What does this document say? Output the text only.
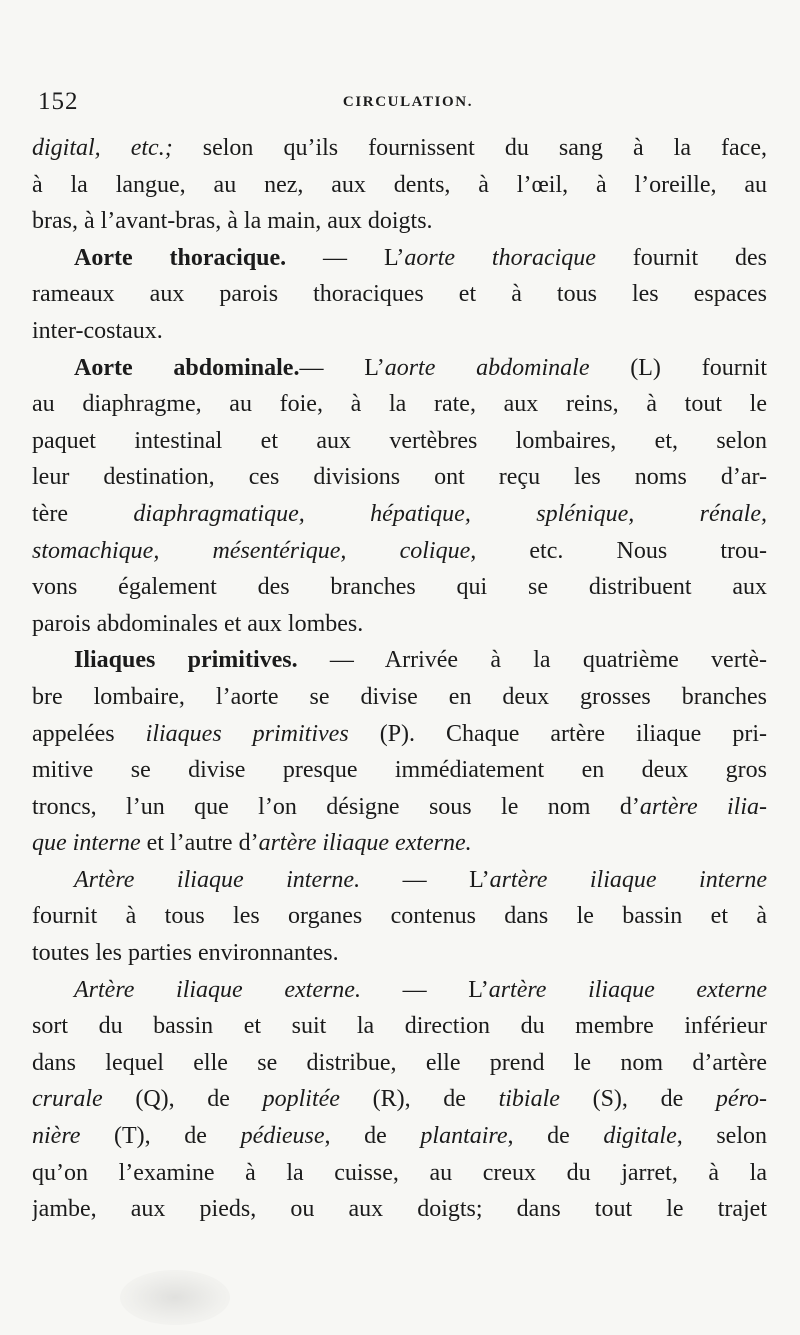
152	CIRCULATION.
digital, etc.; selon qu’ils fournissent du sang à la face,
à la langue, au nez, aux dents, à l’œil, à l’oreille, au
bras, à l’avant-bras, à la main, aux doigts.
Aorte thoracique. — L’aorte thoracique fournit des
rameaux aux parois thoraciques et à tous les espaces
inter-costaux.
Aorte abdominale.— L’aorte abdominale (L) fournit
au diaphragme, au foie, à la rate, aux reins, à tout le
paquet intestinal et aux vertèbres lombaires, et, selon
leur destination, ces divisions ont reçu les noms d’ar-
tère diaphragmatique, hépatique, splénique, rénale,
stomachique, mésentérique, colique, etc. Nous trou-
vons également des branches qui se distribuent aux
parois abdominales et aux lombes.
Iliaques primitives. — Arrivée à la quatrième vertè-
bre lombaire, l’aorte se divise en deux grosses branches
appelées iliaques primitives (P). Chaque artère iliaque pri-
mitive se divise presque immédiatement en deux gros
troncs, l’un que l’on désigne sous le nom d’artère ilia-
que interne et l’autre d’artère iliaque externe.
Artère iliaque interne. — L’artère iliaque interne
fournit à tous les organes contenus dans le bassin et à
toutes les parties environnantes.
Artère iliaque externe. — L’artère iliaque externe
sort du bassin et suit la direction du membre inférieur
dans lequel elle se distribue, elle prend le nom d’artère
crurale (Q), de poplitée (R), de tibiale (S), de péro-
nière (T), de pédieuse, de plantaire, de digitale, selon
qu’on l’examine à la cuisse, au creux du jarret, à la
jambe, aux pieds, ou aux doigts; dans tout le trajet
